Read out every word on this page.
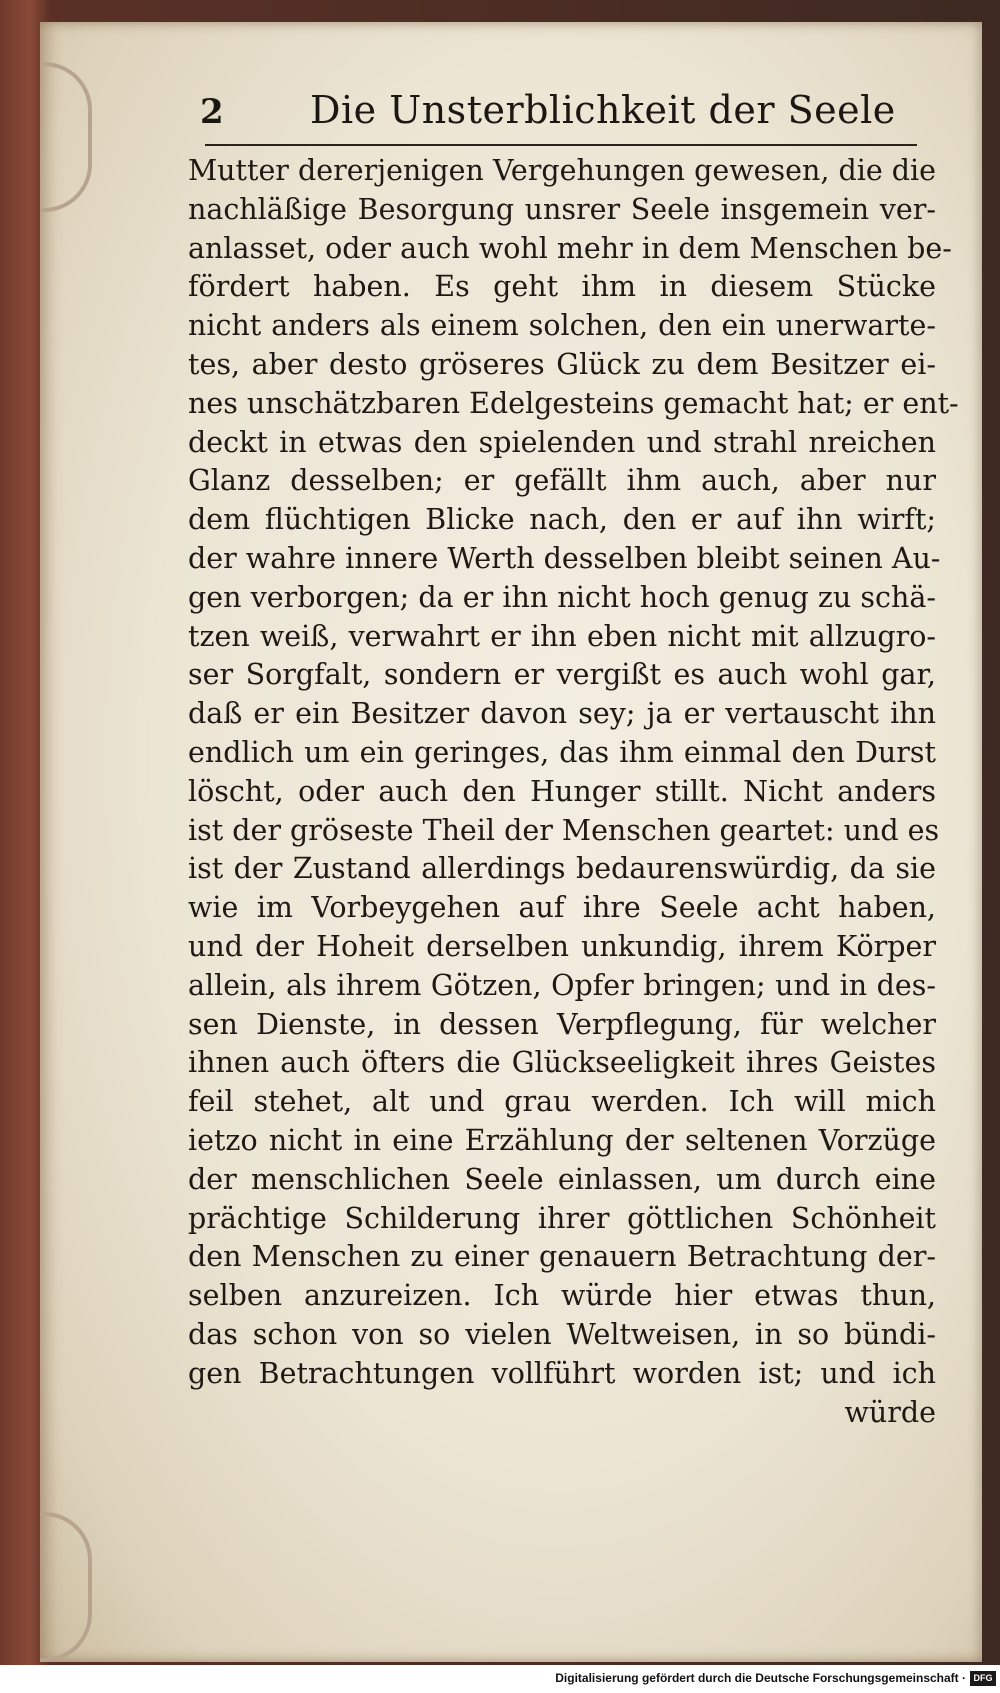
2 Die Unsterblichkeit der Seele
Mutter dererjenigen Vergehungen gewesen, die die
nachläßige Besorgung unsrer Seele insgemein ver-
anlasset, oder auch wohl mehr in dem Menschen be-
fördert haben. Es geht ihm in diesem Stücke
nicht anders als einem solchen, den ein unerwarte-
tes, aber desto gröseres Glück zu dem Besitzer ei-
nes unschätzbaren Edelgesteins gemacht hat; er ent-
deckt in etwas den spielenden und strahl nreichen
Glanz desselben; er gefällt ihm auch, aber nur
dem flüchtigen Blicke nach, den er auf ihn wirft;
der wahre innere Werth desselben bleibt seinen Au-
gen verborgen; da er ihn nicht hoch genug zu schä-
tzen weiß, verwahrt er ihn eben nicht mit allzugro-
ser Sorgfalt, sondern er vergißt es auch wohl gar,
daß er ein Besitzer davon sey; ja er vertauscht ihn
endlich um ein geringes, das ihm einmal den Durst
löscht, oder auch den Hunger stillt. Nicht anders
ist der gröseste Theil der Menschen geartet: und es
ist der Zustand allerdings bedaurenswürdig, da sie
wie im Vorbeygehen auf ihre Seele acht haben,
und der Hoheit derselben unkundig, ihrem Körper
allein, als ihrem Götzen, Opfer bringen; und in des-
sen Dienste, in dessen Verpflegung, für welcher
ihnen auch öfters die Glückseeligkeit ihres Geistes
feil stehet, alt und grau werden. Ich will mich
ietzo nicht in eine Erzählung der seltenen Vorzüge
der menschlichen Seele einlassen, um durch eine
prächtige Schilderung ihrer göttlichen Schönheit
den Menschen zu einer genauern Betrachtung der-
selben anzureizen. Ich würde hier etwas thun,
das schon von so vielen Weltweisen, in so bündi-
gen Betrachtungen vollführt worden ist; und ich
würde
Digitalisierung gefördert durch die Deutsche Forschungsgemeinschaft · DFG
